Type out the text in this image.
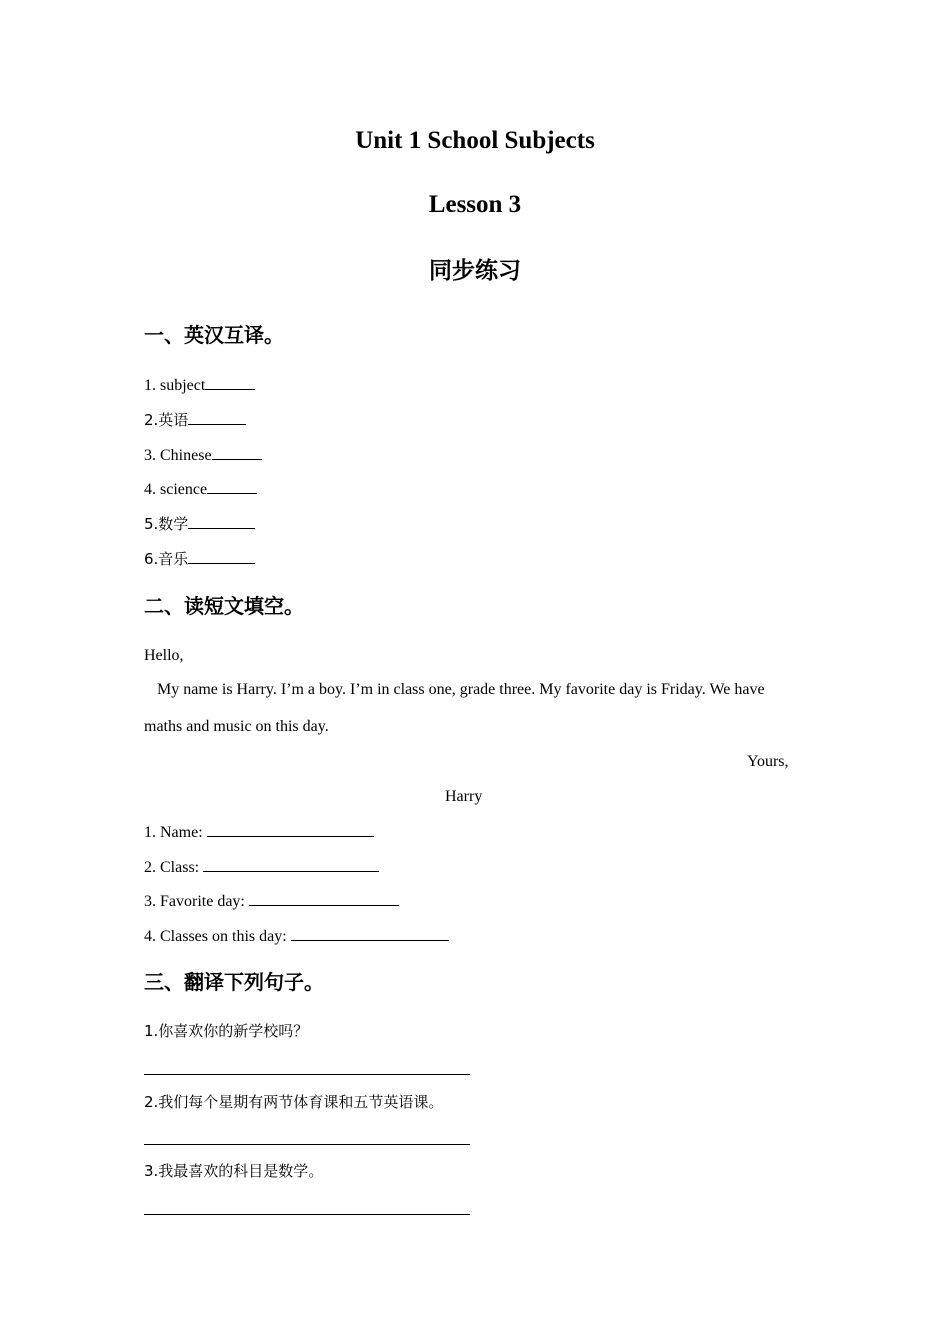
Unit 1 School Subjects
Lesson 3
同步练习
一、英汉互译。
1. subject
2.英语
3. Chinese
4. science
5.数学
6.音乐
二、读短文填空。
Hello,
My name is Harry. I’m a boy. I’m in class one, grade three. My favorite day is Friday. We have
maths and music on this day.
Yours,
Harry
1. Name:
2. Class:
3. Favorite day:
4. Classes on this day:
三、翻译下列句子。
1.你喜欢你的新学校吗？
2.我们每个星期有两节体育课和五节英语课。
3.我最喜欢的科目是数学。
